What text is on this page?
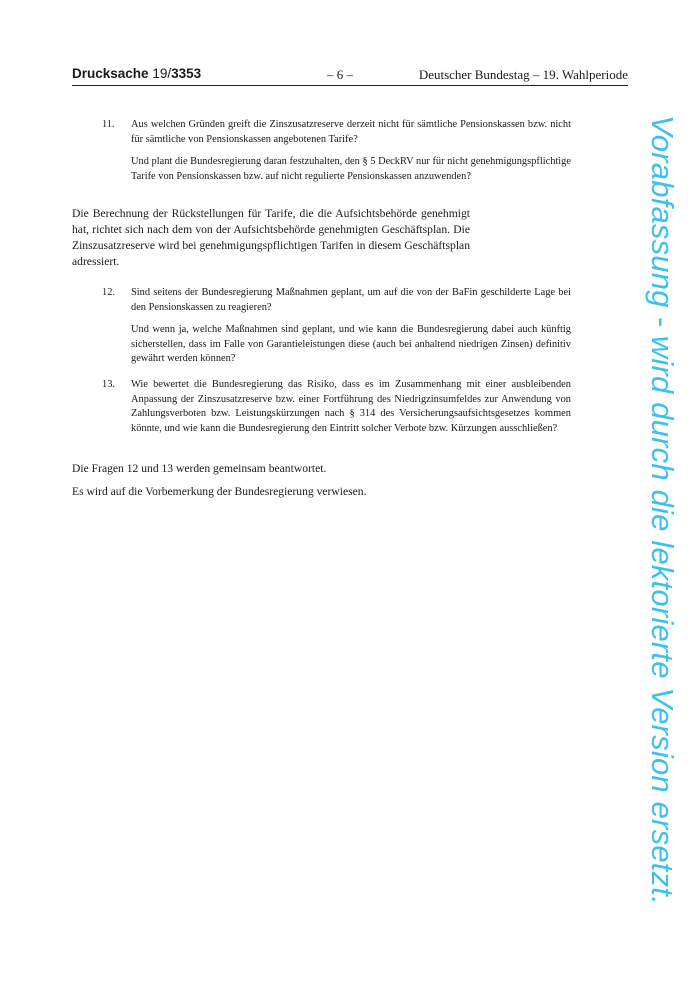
Drucksache 19/3353	– 6 –	Deutscher Bundestag – 19. Wahlperiode
11. Aus welchen Gründen greift die Zinszusatzreserve derzeit nicht für sämtliche Pensionskassen bzw. nicht für sämtliche von Pensionskassen angebotenen Tarife?

Und plant die Bundesregierung daran festzuhalten, den § 5 DeckRV nur für nicht genehmigungspflichtige Tarife von Pensionskassen bzw. auf nicht regulierte Pensionskassen anzuwenden?

Die Berechnung der Rückstellungen für Tarife, die die Aufsichtsbehörde genehmigt hat, richtet sich nach dem von der Aufsichtsbehörde genehmigten Geschäftsplan. Die Zinszusatzreserve wird bei genehmigungspflichtigen Tarifen in diesem Geschäftsplan adressiert.

12. Sind seitens der Bundesregierung Maßnahmen geplant, um auf die von der BaFin geschilderte Lage bei den Pensionskassen zu reagieren?

Und wenn ja, welche Maßnahmen sind geplant, und wie kann die Bundesregierung dabei auch künftig sicherstellen, dass im Falle von Garantieleistungen diese (auch bei anhaltend niedrigen Zinsen) definitiv gewährt werden können?

13. Wie bewertet die Bundesregierung das Risiko, dass es im Zusammenhang mit einer ausbleibenden Anpassung der Zinszusatzreserve bzw. einer Fortführung des Niedrigzinsumfeldes zur Anwendung von Zahlungsverboten bzw. Leistungskürzungen nach § 314 des Versicherungsaufsichtsgesetzes kommen könnte, und wie kann die Bundesregierung den Eintritt solcher Verbote bzw. Kürzungen ausschließen?

Die Fragen 12 und 13 werden gemeinsam beantwortet.

Es wird auf die Vorbemerkung der Bundesregierung verwiesen.	Vorabfassung - wird durch die lektorierte Version ersetzt.
